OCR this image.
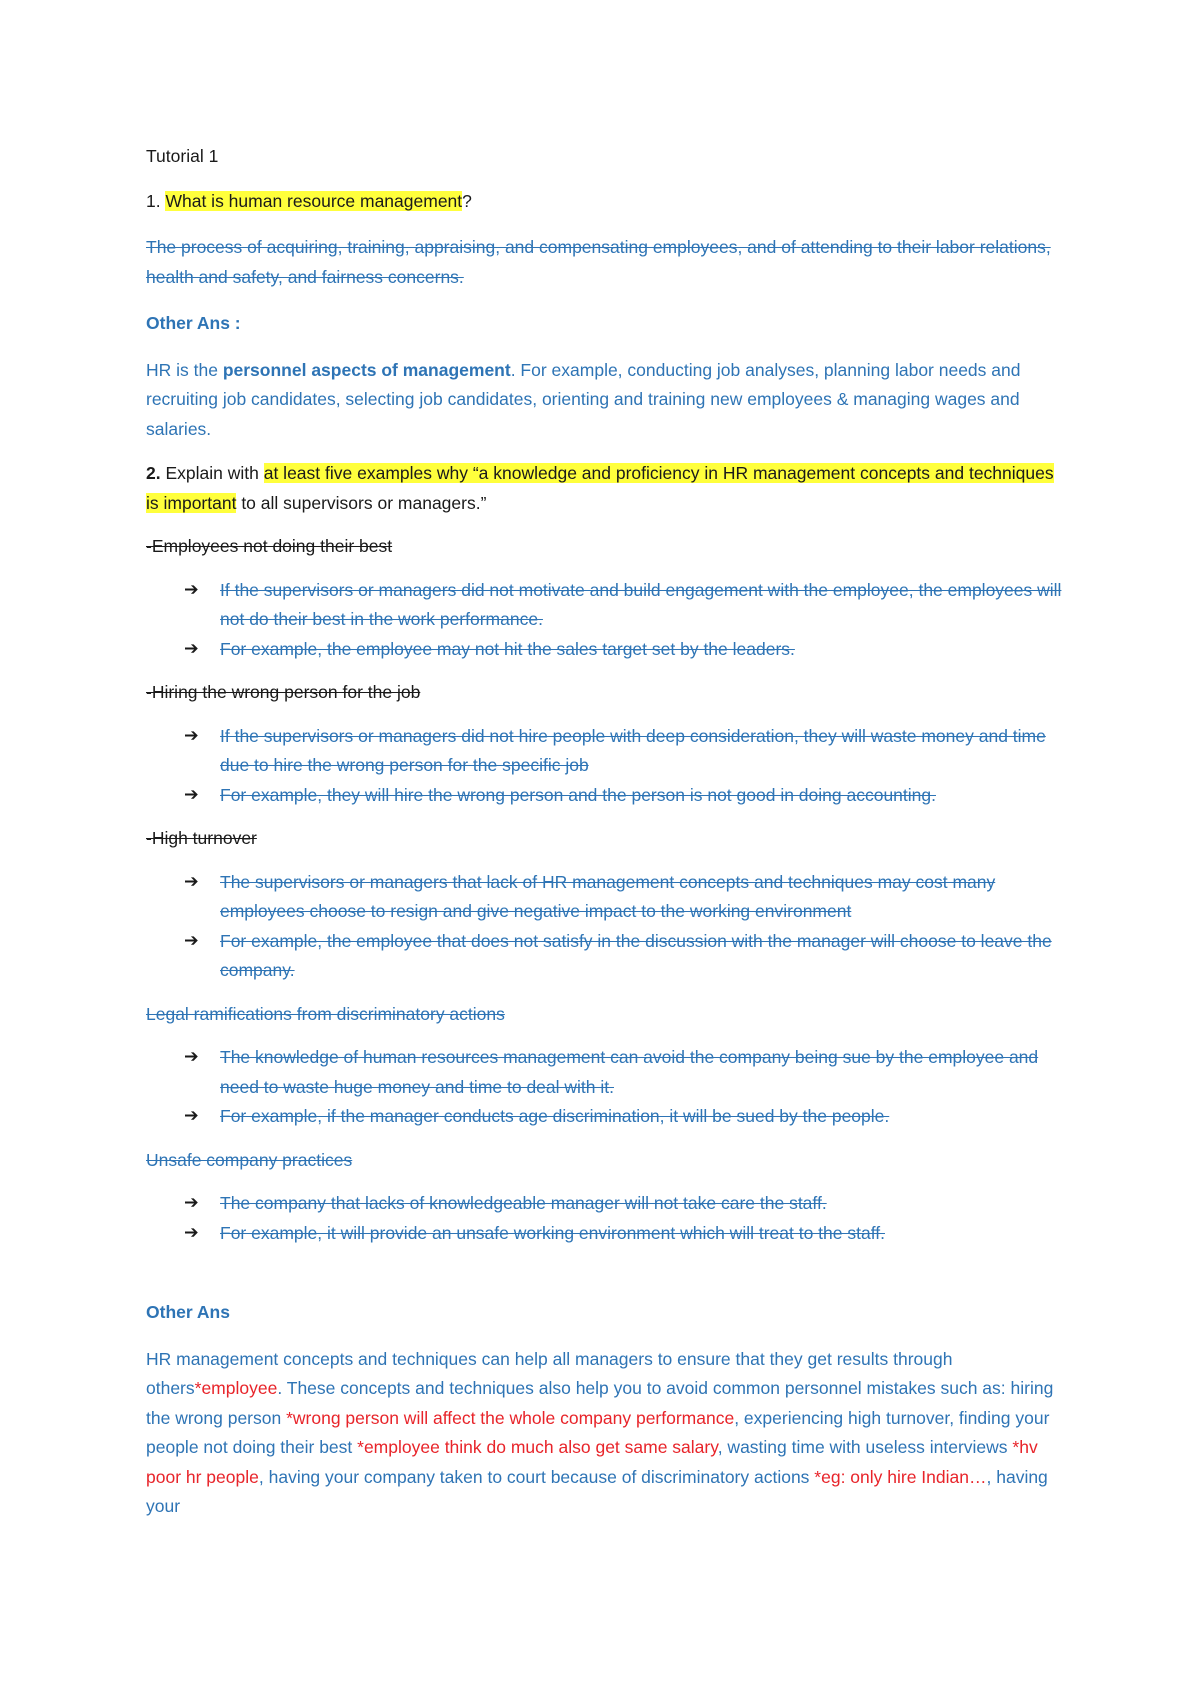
Tutorial 1

1. What is human resource management?

The process of acquiring, training, appraising, and compensating employees, and of attending to their labor relations, health and safety, and fairness concerns.

Other Ans :

HR is the personnel aspects of management. For example, conducting job analyses, planning labor needs and recruiting job candidates, selecting job candidates, orienting and training new employees & managing wages and salaries.

2. Explain with at least five examples why “a knowledge and proficiency in HR management concepts and techniques is important to all supervisors or managers.”

-Employees not doing their best

➔ If the supervisors or managers did not motivate and build engagement with the employee, the employees will not do their best in the work performance.
➔ For example, the employee may not hit the sales target set by the leaders.

-Hiring the wrong person for the job

➔ If the supervisors or managers did not hire people with deep consideration, they will waste money and time due to hire the wrong person for the specific job
➔ For example, they will hire the wrong person and the person is not good in doing accounting.

-High turnover

➔ The supervisors or managers that lack of HR management concepts and techniques may cost many employees choose to resign and give negative impact to the working environment
➔ For example, the employee that does not satisfy in the discussion with the manager will choose to leave the company.

Legal ramifications from discriminatory actions

➔ The knowledge of human resources management can avoid the company being sue by the employee and need to waste huge money and time to deal with it.
➔ For example, if the manager conducts age discrimination, it will be sued by the people.

Unsafe company practices

➔ The company that lacks of knowledgeable manager will not take care the staff.
➔ For example, it will provide an unsafe working environment which will treat to the staff.

Other Ans

HR management concepts and techniques can help all managers to ensure that they get results through others*employee. These concepts and techniques also help you to avoid common personnel mistakes such as: hiring the wrong person *wrong person will affect the whole company performance, experiencing high turnover, finding your people not doing their best *employee think do much also get same salary, wasting time with useless interviews *hv poor hr people, having your company taken to court because of discriminatory actions *eg: only hire Indian…, having your
